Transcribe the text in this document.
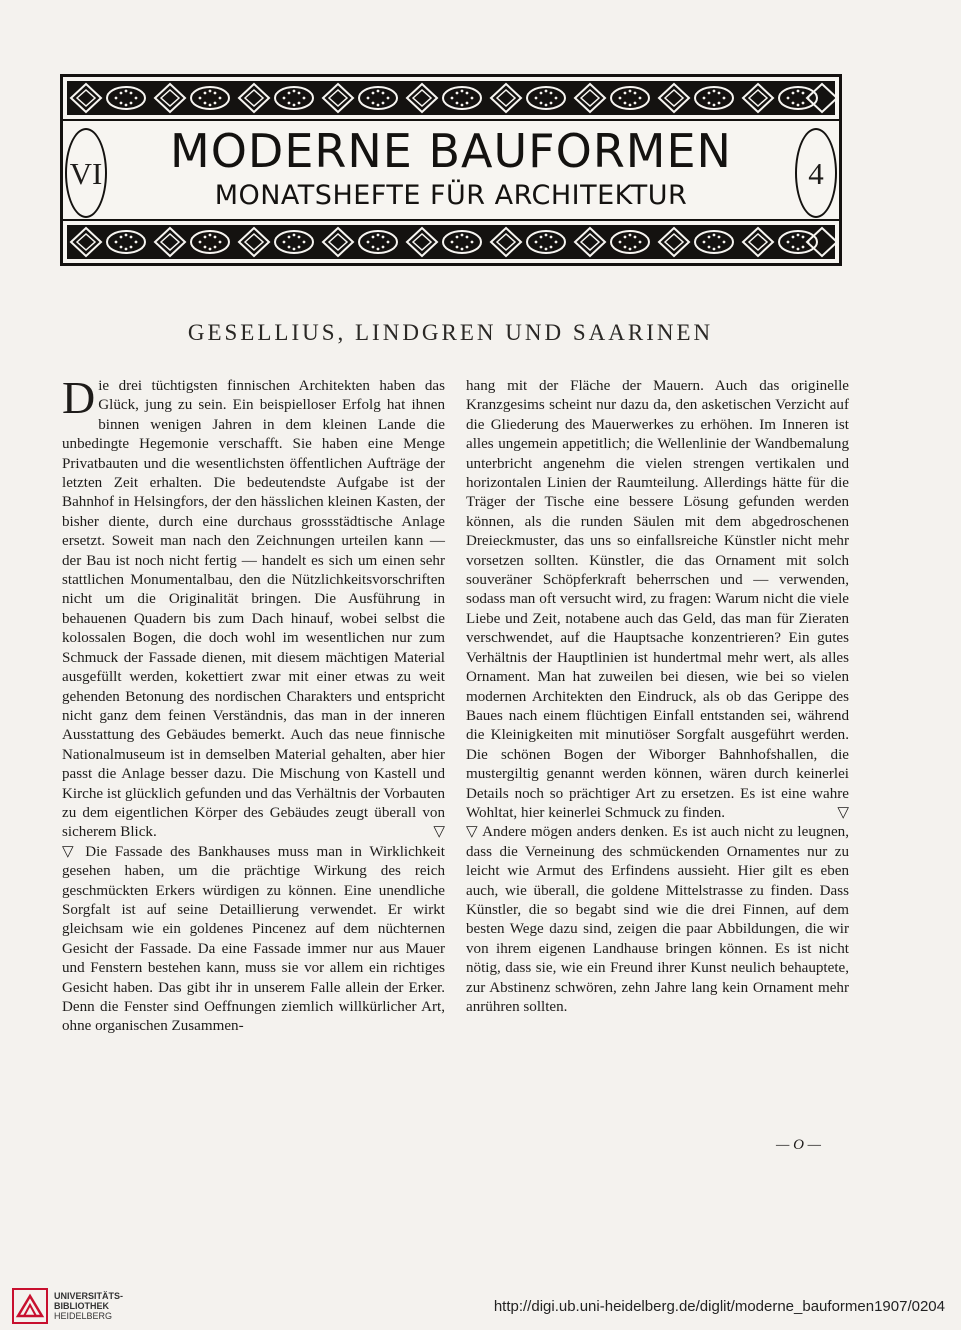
VI	MODERNE BAUFORMEN
MONATSHEFTE FÜR ARCHITEKTUR
4
GESELLIUS, LINDGREN UND SAARINEN

Die drei tüchtigsten finnischen Architekten haben das Glück, jung zu sein. Ein beispielloser Erfolg hat ihnen binnen wenigen Jahren in dem kleinen Lande die unbedingte Hegemonie verschafft. Sie haben eine Menge Privatbauten und die wesentlichsten öffentlichen Aufträge der letzten Zeit erhalten. Die bedeutendste Aufgabe ist der Bahnhof in Helsingfors, der den hässlichen kleinen Kasten, der bisher diente, durch eine durchaus grossstädtische Anlage ersetzt. Soweit man nach den Zeichnungen urteilen kann — der Bau ist noch nicht fertig — handelt es sich um einen sehr stattlichen Monumentalbau, den die Nützlichkeitsvorschriften nicht um die Originalität bringen. Die Ausführung in behauenen Quadern bis zum Dach hinauf, wobei selbst die kolossalen Bogen, die doch wohl im wesentlichen nur zum Schmuck der Fassade dienen, mit diesem mächtigen Material ausgefüllt werden, kokettiert zwar mit einer etwas zu weit gehenden Betonung des nordischen Charakters und entspricht nicht ganz dem feinen Verständnis, das man in der inneren Ausstattung des Gebäudes bemerkt. Auch das neue finnische Nationalmuseum ist in demselben Material gehalten, aber hier passt die Anlage besser dazu. Die Mischung von Kastell und Kirche ist glücklich gefunden und das Verhältnis der Vorbauten zu dem eigentlichen Körper des Gebäudes zeugt überall von sicherem Blick.	▽

▽ Die Fassade des Bankhauses muss man in Wirklichkeit gesehen haben, um die prächtige Wirkung des reich geschmückten Erkers würdigen zu können. Eine unendliche Sorgfalt ist auf seine Detaillierung verwendet. Er wirkt gleichsam wie ein goldenes Pincenez auf dem nüchternen Gesicht der Fassade. Da eine Fassade immer nur aus Mauer und Fenstern bestehen kann, muss sie vor allem ein richtiges Gesicht haben. Das gibt ihr in unserem Falle allein der Erker. Denn die Fenster sind Oeffnungen ziemlich willkürlicher Art, ohne organischen Zusammen-

hang mit der Fläche der Mauern. Auch das originelle Kranzgesims scheint nur dazu da, den asketischen Verzicht auf die Gliederung des Mauerwerkes zu erhöhen. Im Inneren ist alles ungemein appetitlich; die Wellenlinie der Wandbemalung unterbricht angenehm die vielen strengen vertikalen und horizontalen Linien der Raumteilung. Allerdings hätte für die Träger der Tische eine bessere Lösung gefunden werden können, als die runden Säulen mit dem abgedroschenen Dreieckmuster, das uns so einfallsreiche Künstler nicht mehr vorsetzen sollten. Künstler, die das Ornament mit solch souveräner Schöpferkraft beherrschen und — verwenden, sodass man oft versucht wird, zu fragen: Warum nicht die viele Liebe und Zeit, notabene auch das Geld, das man für Zieraten verschwendet, auf die Hauptsache konzentrieren? Ein gutes Verhältnis der Hauptlinien ist hundertmal mehr wert, als alles Ornament. Man hat zuweilen bei diesen, wie bei so vielen modernen Architekten den Eindruck, als ob das Gerippe des Baues nach einem flüchtigen Einfall entstanden sei, während die Kleinigkeiten mit minutiöser Sorgfalt ausgeführt werden. Die schönen Bogen der Wiborger Bahnhofshallen, die mustergiltig genannt werden können, wären durch keinerlei Details noch so prächtiger Art zu ersetzen. Es ist eine wahre Wohltat, hier keinerlei Schmuck zu finden.	▽

▽ Andere mögen anders denken. Es ist auch nicht zu leugnen, dass die Verneinung des schmückenden Ornamentes nur zu leicht wie Armut des Erfindens aussieht. Hier gilt es eben auch, wie überall, die goldene Mittelstrasse zu finden. Dass Künstler, die so begabt sind wie die drei Finnen, auf dem besten Wege dazu sind, zeigen die paar Abbildungen, die wir von ihrem eigenen Landhause bringen können. Es ist nicht nötig, dass sie, wie ein Freund ihrer Kunst neulich behauptete, zur Abstinenz schwören, zehn Jahre lang kein Ornament mehr anrühren sollten.

— O —
UNIVERSITÄTS-
BIBLIOTHEK
HEIDELBERG
http://digi.ub.uni-heidelberg.de/diglit/moderne_bauformen1907/0204
